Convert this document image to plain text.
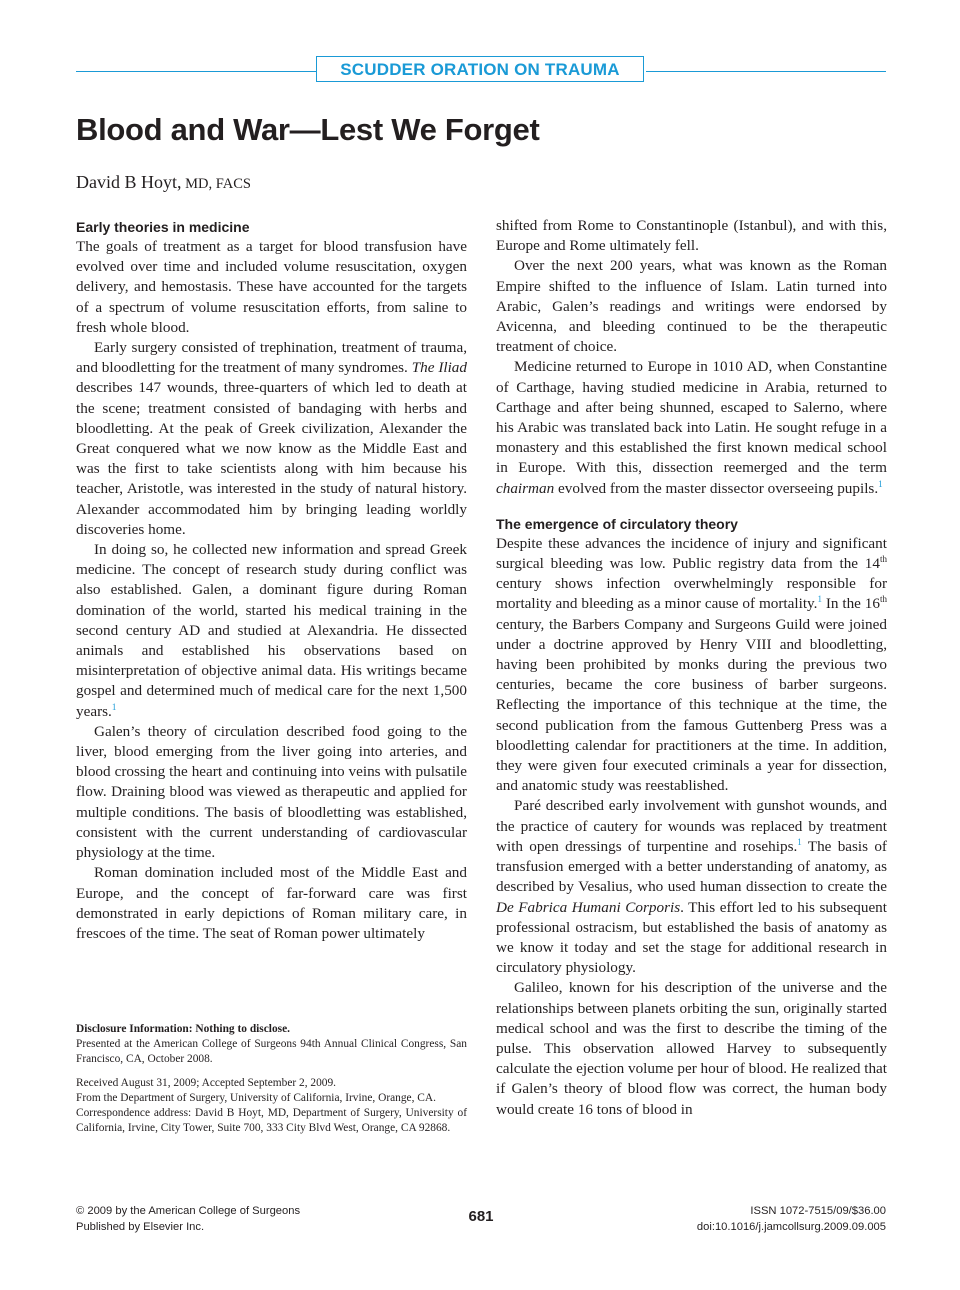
SCUDDER ORATION ON TRAUMA
Blood and War—Lest We Forget
David B Hoyt, MD, FACS
Early theories in medicine

The goals of treatment as a target for blood transfusion have evolved over time and included volume resuscitation, oxygen delivery, and hemostasis. These have accounted for the targets of a spectrum of volume resuscitation efforts, from saline to fresh whole blood.

Early surgery consisted of trephination, treatment of trauma, and bloodletting for the treatment of many syndromes. The Iliad describes 147 wounds, three-quarters of which led to death at the scene; treatment consisted of bandaging with herbs and bloodletting. At the peak of Greek civilization, Alexander the Great conquered what we now know as the Middle East and was the first to take scientists along with him because his teacher, Aristotle, was interested in the study of natural history. Alexander accommodated him by bringing leading worldly discoveries home.

In doing so, he collected new information and spread Greek medicine. The concept of research study during conflict was also established. Galen, a dominant figure during Roman domination of the world, started his medical training in the second century AD and studied at Alexandria. He dissected animals and established his observations based on misinterpretation of objective animal data. His writings became gospel and determined much of medical care for the next 1,500 years.$^1$

Galen’s theory of circulation described food going to the liver, blood emerging from the liver going into arteries, and blood crossing the heart and continuing into veins with pulsatile flow. Draining blood was viewed as therapeutic and applied for multiple conditions. The basis of bloodletting was established, consistent with the current understanding of cardiovascular physiology at the time.

Roman domination included most of the Middle East and Europe, and the concept of far-forward care was first demonstrated in early depictions of Roman military care, in frescoes of the time. The seat of Roman power ultimately

shifted from Rome to Constantinople (Istanbul), and with this, Europe and Rome ultimately fell.

Over the next 200 years, what was known as the Roman Empire shifted to the influence of Islam. Latin turned into Arabic, Galen’s readings and writings were endorsed by Avicenna, and bleeding continued to be the therapeutic treatment of choice.

Medicine returned to Europe in 1010 AD, when Constantine of Carthage, having studied medicine in Arabia, returned to Carthage and after being shunned, escaped to Salerno, where his Arabic was translated back into Latin. He sought refuge in a monastery and this established the first known medical school in Europe. With this, dissection reemerged and the term chairman evolved from the master dissector overseeing pupils.$^1$

The emergence of circulatory theory

Despite these advances the incidence of injury and significant surgical bleeding was low. Public registry data from the 14th century shows infection overwhelmingly responsible for mortality and bleeding as a minor cause of mortality.$^1$ In the 16th century, the Barbers Company and Surgeons Guild were joined under a doctrine approved by Henry VIII and bloodletting, having been prohibited by monks during the previous two centuries, became the core business of barber surgeons. Reflecting the importance of this technique at the time, the second publication from the famous Guttenberg Press was a bloodletting calendar for practitioners at the time. In addition, they were given four executed criminals a year for dissection, and anatomic study was reestablished.

Paré described early involvement with gunshot wounds, and the practice of cautery for wounds was replaced by treatment with open dressings of turpentine and rosehips.$^1$ The basis of transfusion emerged with a better understanding of anatomy, as described by Vesalius, who used human dissection to create the De Fabrica Humani Corporis. This effort led to his subsequent professional ostracism, but established the basis of anatomy as we know it today and set the stage for additional research in circulatory physiology.

Galileo, known for his description of the universe and the relationships between planets orbiting the sun, originally started medical school and was the first to describe the timing of the pulse. This observation allowed Harvey to subsequently calculate the ejection volume per hour of blood. He realized that if Galen’s theory of blood flow was correct, the human body would create 16 tons of blood in

Disclosure Information: Nothing to disclose.

Presented at the American College of Surgeons 94th Annual Clinical Congress, San Francisco, CA, October 2008.

Received August 31, 2009; Accepted September 2, 2009.

From the Department of Surgery, University of California, Irvine, Orange, CA.

Correspondence address: David B Hoyt, MD, Department of Surgery, University of California, Irvine, City Tower, Suite 700, 333 City Blvd West, Orange, CA 92868.

© 2009 by the American College of Surgeons
Published by Elsevier Inc.
681	ISSN 1072-7515/09/$36.00
doi:10.1016/j.jamcollsurg.2009.09.005
